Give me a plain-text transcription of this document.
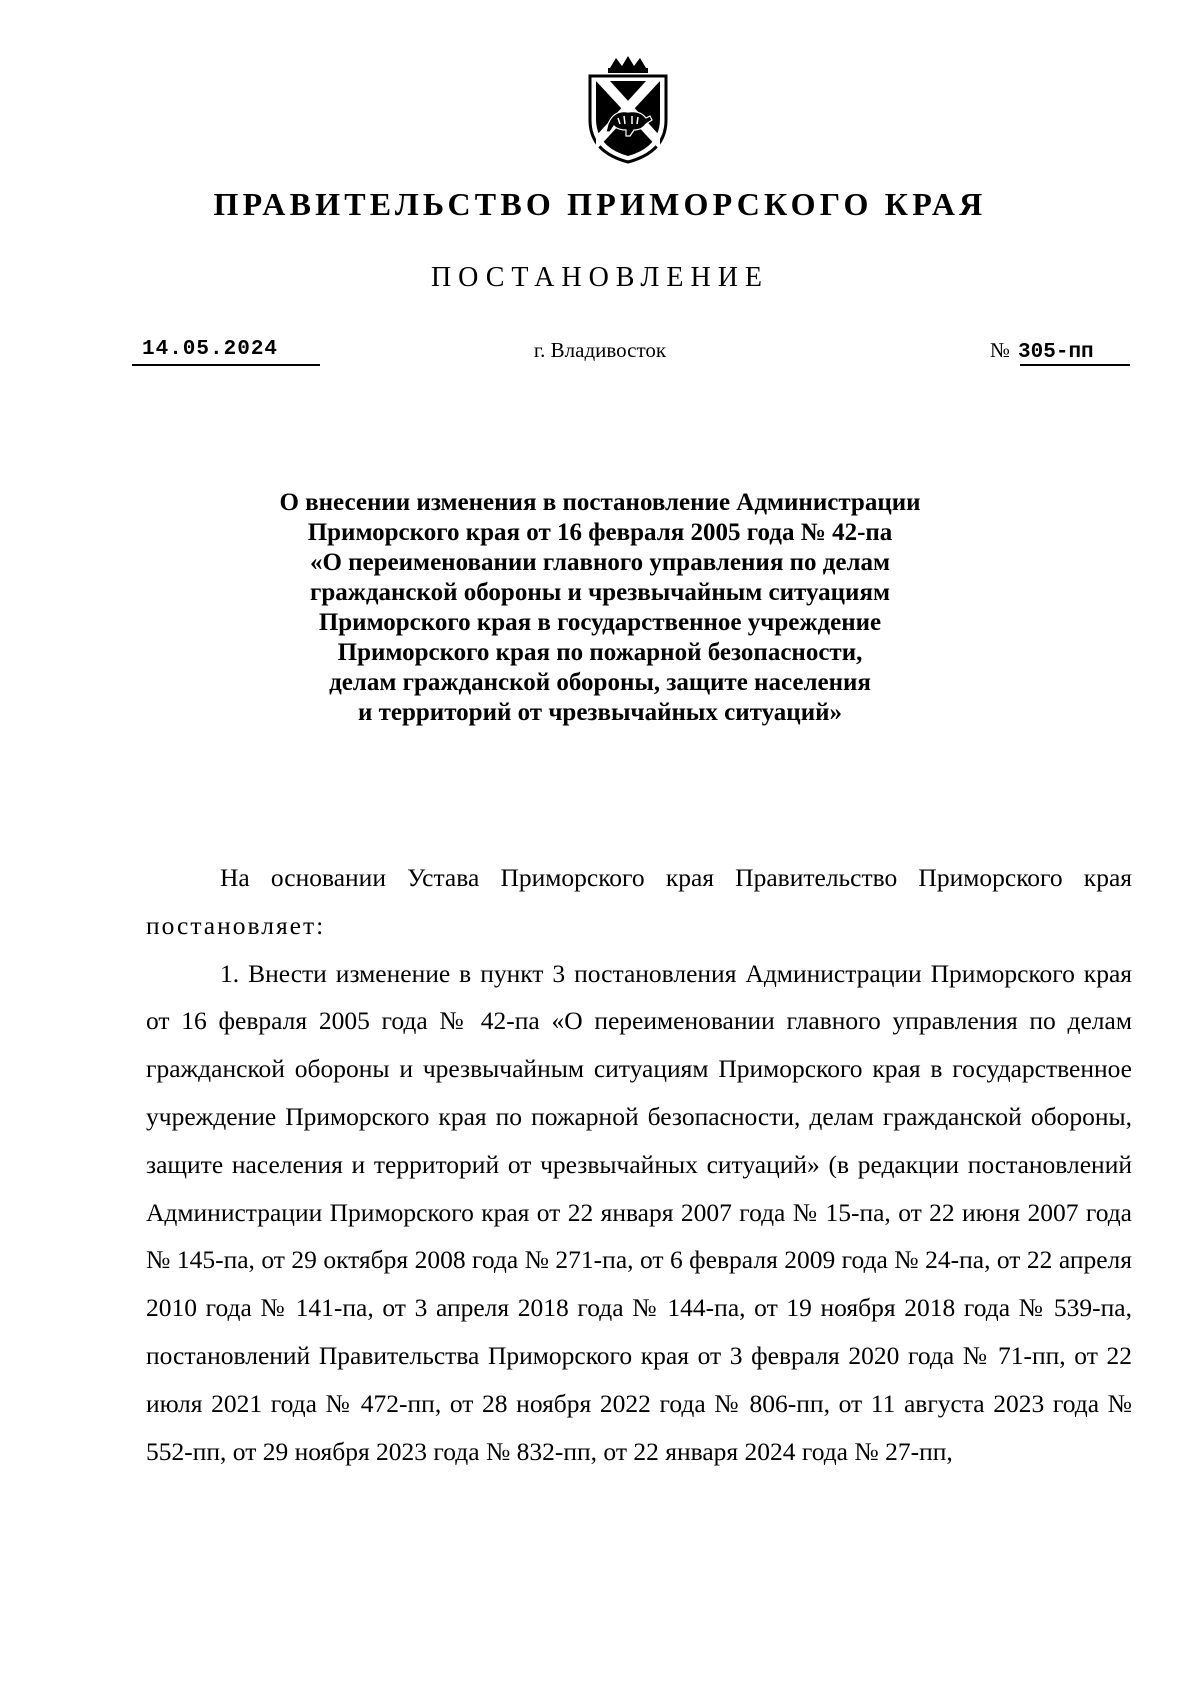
ПРАВИТЕЛЬСТВО ПРИМОРСКОГО КРАЯ
ПОСТАНОВЛЕНИЕ
14.05.2024	г. Владивосток	№ 305-пп
О внесении изменения в постановление Администрации
Приморского края от 16 февраля 2005 года № 42-па
«О переименовании главного управления по делам
гражданской обороны и чрезвычайным ситуациям
Приморского края в государственное учреждение
Приморского края по пожарной безопасности,
делам гражданской обороны, защите населения
и территорий от чрезвычайных ситуаций»

На основании Устава Приморского края Правительство Приморского края постановляет:

1. Внести изменение в пункт 3 постановления Администрации Приморского края от 16 февраля 2005 года № 42-па «О переименовании главного управления по делам гражданской обороны и чрезвычайным ситуациям Приморского края в государственное учреждение Приморского края по пожарной безопасности, делам гражданской обороны, защите населения и территорий от чрезвычайных ситуаций» (в редакции постановлений Администрации Приморского края от 22 января 2007 года № 15-па, от 22 июня 2007 года № 145-па, от 29 октября 2008 года № 271-па, от 6 февраля 2009 года № 24-па, от 22 апреля 2010 года № 141-па, от 3 апреля 2018 года № 144-па, от 19 ноября 2018 года № 539-па, постановлений Правительства Приморского края от 3 февраля 2020 года № 71-пп, от 22 июля 2021 года № 472-пп, от 28 ноября 2022 года № 806-пп, от 11 августа 2023 года № 552-пп, от 29 ноября 2023 года № 832-пп, от 22 января 2024 года № 27-пп,
